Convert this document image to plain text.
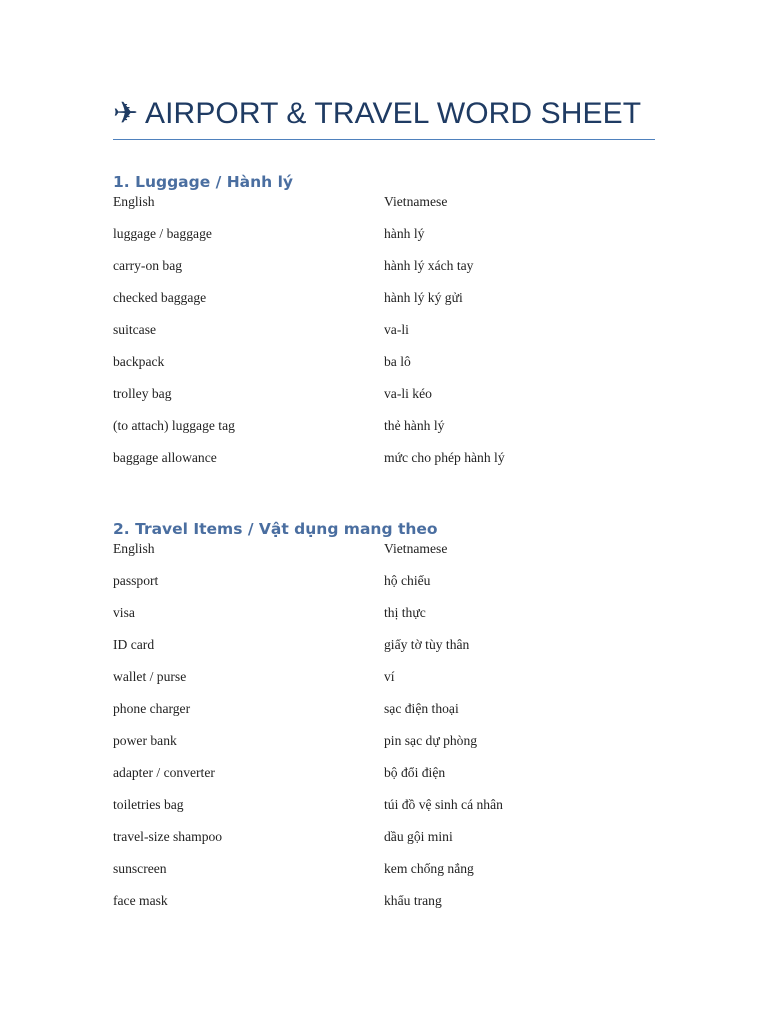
✈ AIRPORT & TRAVEL WORD SHEET
1. Luggage / Hành lý
English	Vietnamese
luggage / baggage	hành lý
carry-on bag	hành lý xách tay
checked baggage	hành lý ký gửi
suitcase	va-li
backpack	ba lô
trolley bag	va-li kéo
(to attach) luggage tag	thẻ hành lý
baggage allowance	mức cho phép hành lý
2. Travel Items / Vật dụng mang theo
English	Vietnamese
passport	hộ chiếu
visa	thị thực
ID card	giấy tờ tùy thân
wallet / purse	ví
phone charger	sạc điện thoại
power bank	pin sạc dự phòng
adapter / converter	bộ đổi điện
toiletries bag	túi đồ vệ sinh cá nhân
travel-size shampoo	dầu gội mini
sunscreen	kem chống nắng
face mask	khẩu trang
